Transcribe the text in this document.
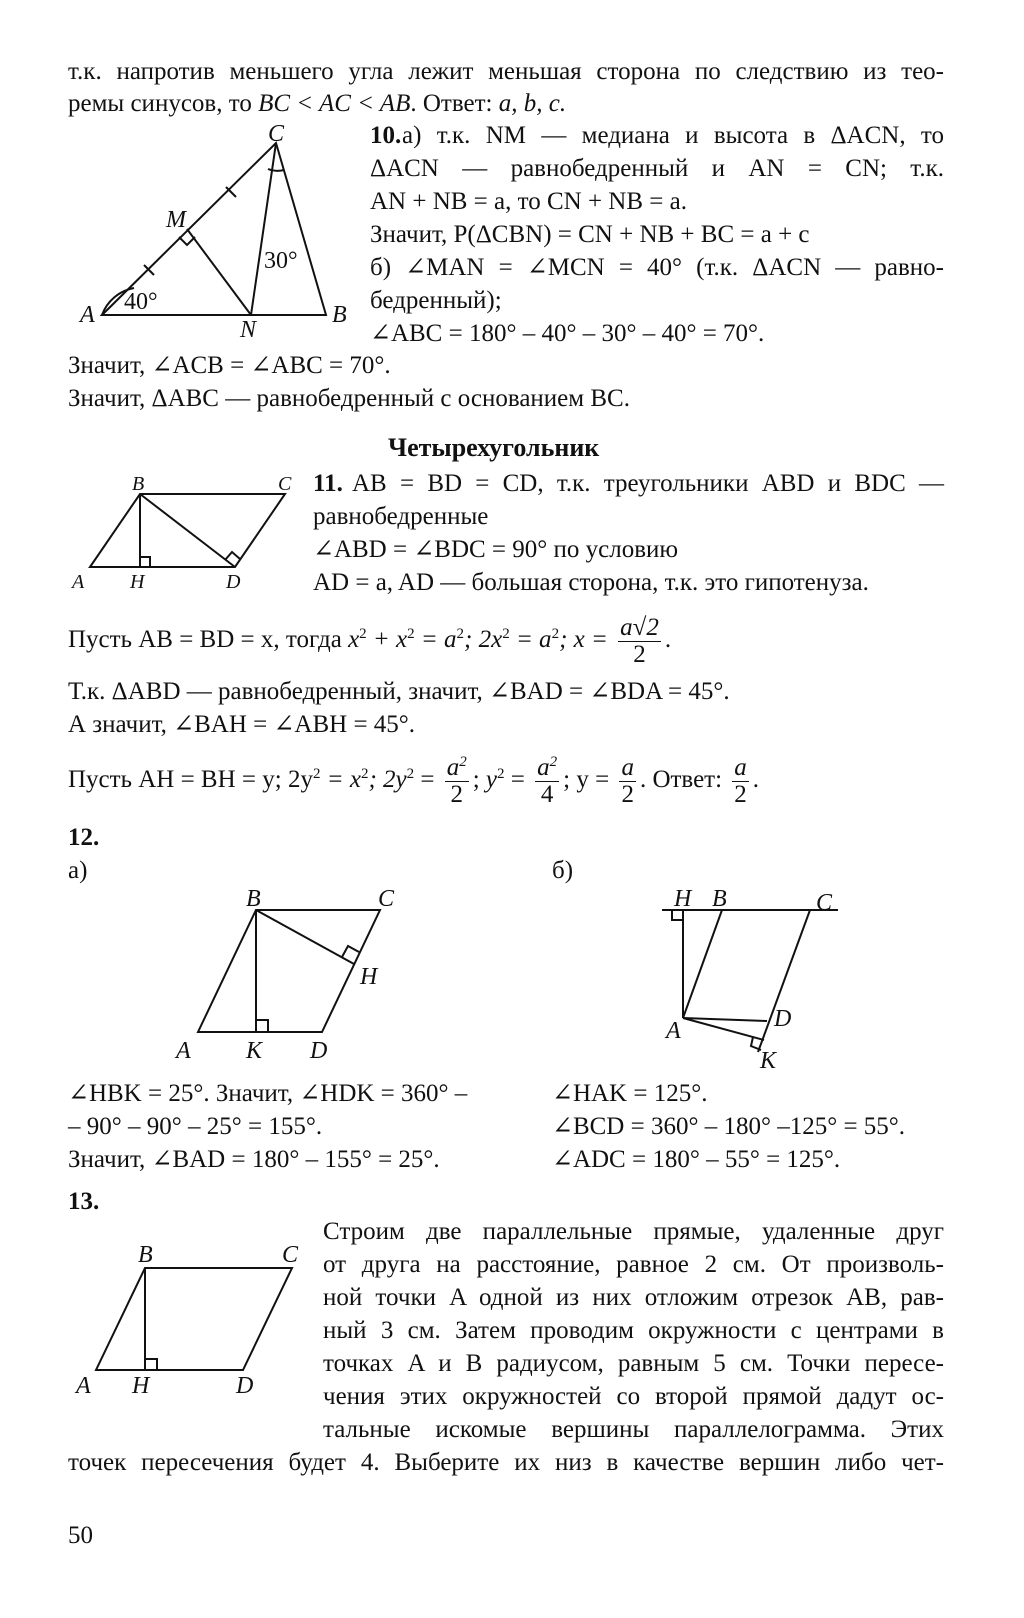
т.к. напротив меньшего угла лежит меньшая сторона по следствию из тео-
ремы синусов, то BC < AC < AB. Ответ: a, b, c.
A
C
B
M
N
40°
30°
10. а) т.к. NM — медиана и высота в ΔACN, то
ΔACN — равнобедренный и AN = CN; т.к.
AN + NB = a, то CN + NB = a.
Значит, P(ΔCBN) = CN + NB + BC = a + c
б) ∠MAN = ∠MCN = 40° (т.к. ΔACN — равно-
бедренный);
∠ABC = 180° – 40° – 30° – 40° = 70°.
Значит, ∠ACB = ∠ABC = 70°.
Значит, ΔABC — равнобедренный с основанием BC.
Четырехугольник
B	C
A H	D
11. AB = BD = CD, т.к. треугольники ABD и BDC —
равнобедренные
∠ABD = ∠BDC = 90° по условию
AD = a, AD — большая сторона, т.к. это гипотенуза.
Пусть AB = BD = x, тогда $x^2 + x^2 = a^2$; $2x^2 = a^2$; $x = \frac{a√2}{2}$ .
Т.к. ΔABD — равнобедренный, значит, ∠BAD = ∠BDA = 45°.
А значит, ∠BAH = ∠ABH = 45°.
Пусть AH = BH = y; $2y^2 = x^2$; $2y^2 = \frac{a^2}{2}$ ; $y^2 = \frac{a^2}{4}$ ; $y = \frac{a}{2}$ . Ответ: $\frac{a}{2}$ .
12.
а)	б)
B	C
H
A K D
H B	C
D
A
K
∠HBK = 25°. Значит, ∠HDK = 360° –
– 90° – 90° – 25° = 155°.
Значит, ∠BAD = 180° – 155° = 25°.
∠HAK = 125°.
∠BCD = 360° – 180° –125° = 55°.
∠ADC = 180° – 55° = 125°.
13.
B	C
A H	D
Строим две параллельные прямые, удаленные друг
от друга на расстояние, равное 2 см. От произволь-
ной точки A одной из них отложим отрезок AB, рав-
ный 3 см. Затем проводим окружности с центрами в
точках A и B радиусом, равным 5 см. Точки пересе-
чения этих окружностей со второй прямой дадут ос-
тальные искомые вершины параллелограмма. Этих
точек пересечения будет 4. Выберите их низ в качестве вершин либо чет-
50
